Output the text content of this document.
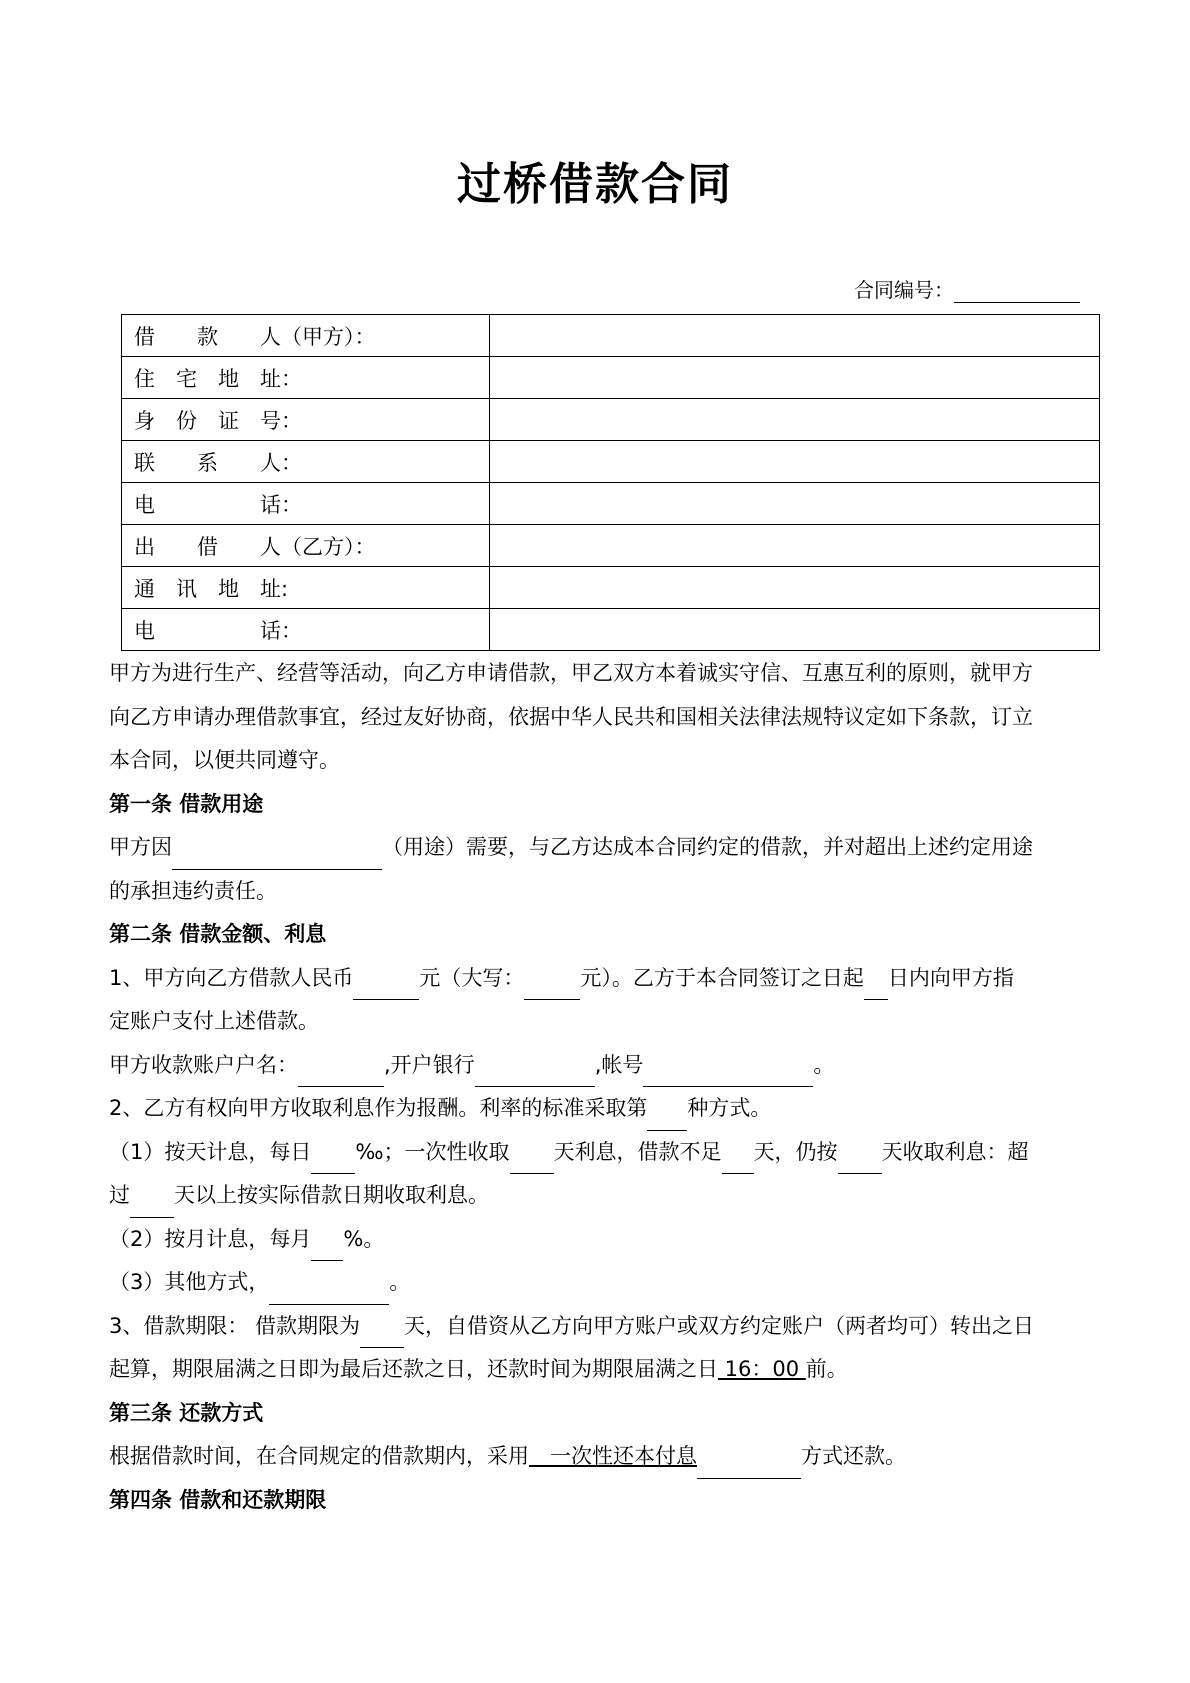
过桥借款合同
合同编号：
借　　款　　人（甲方）：	
住　宅　地　址：	
身　份　证　号：	
联　　系　　人：	
电　　　　　话：	
出　　借　　人（乙方）：	
通　讯　地　址:	
电　　　　　话：	

甲方为进行生产、经营等活动，向乙方申请借款，甲乙双方本着诚实守信、互惠互利的原则，就甲方

向乙方申请办理借款事宜，经过友好协商，依据中华人民共和国相关法律法规特议定如下条款，订立

本合同，以便共同遵守。

第一条 借款用途

甲方因	（用途）需要，与乙方达成本合同约定的借款，并对超出上述约定用途

的承担违约责任。

第二条 借款金额、利息

1、甲方向乙方借款人民币	元（大写：	元）。乙方于本合同签订之日起 日内向甲方指

定账户支付上述借款。

甲方收款账户户名：	,开户银行	,帐号	。

2、乙方有权向甲方收取利息作为报酬。利率的标准采取第 种方式。

（1）按天计息，每日 ‰；一次性收取 天利息，借款不足 天，仍按 天收取利息：超

过 天以上按实际借款日期收取利息。

（2）按月计息，每月 %。

（3）其他方式，	。

3、借款期限： 借款期限为 天，自借资从乙方向甲方账户或双方约定账户（两者均可）转出之日

起算，期限届满之日即为最后还款之日，还款时间为期限届满之日 16：00 前。

第三条 还款方式

根据借款时间，在合同规定的借款期内，采用　一次性还本付息	方式还款。

第四条 借款和还款期限
